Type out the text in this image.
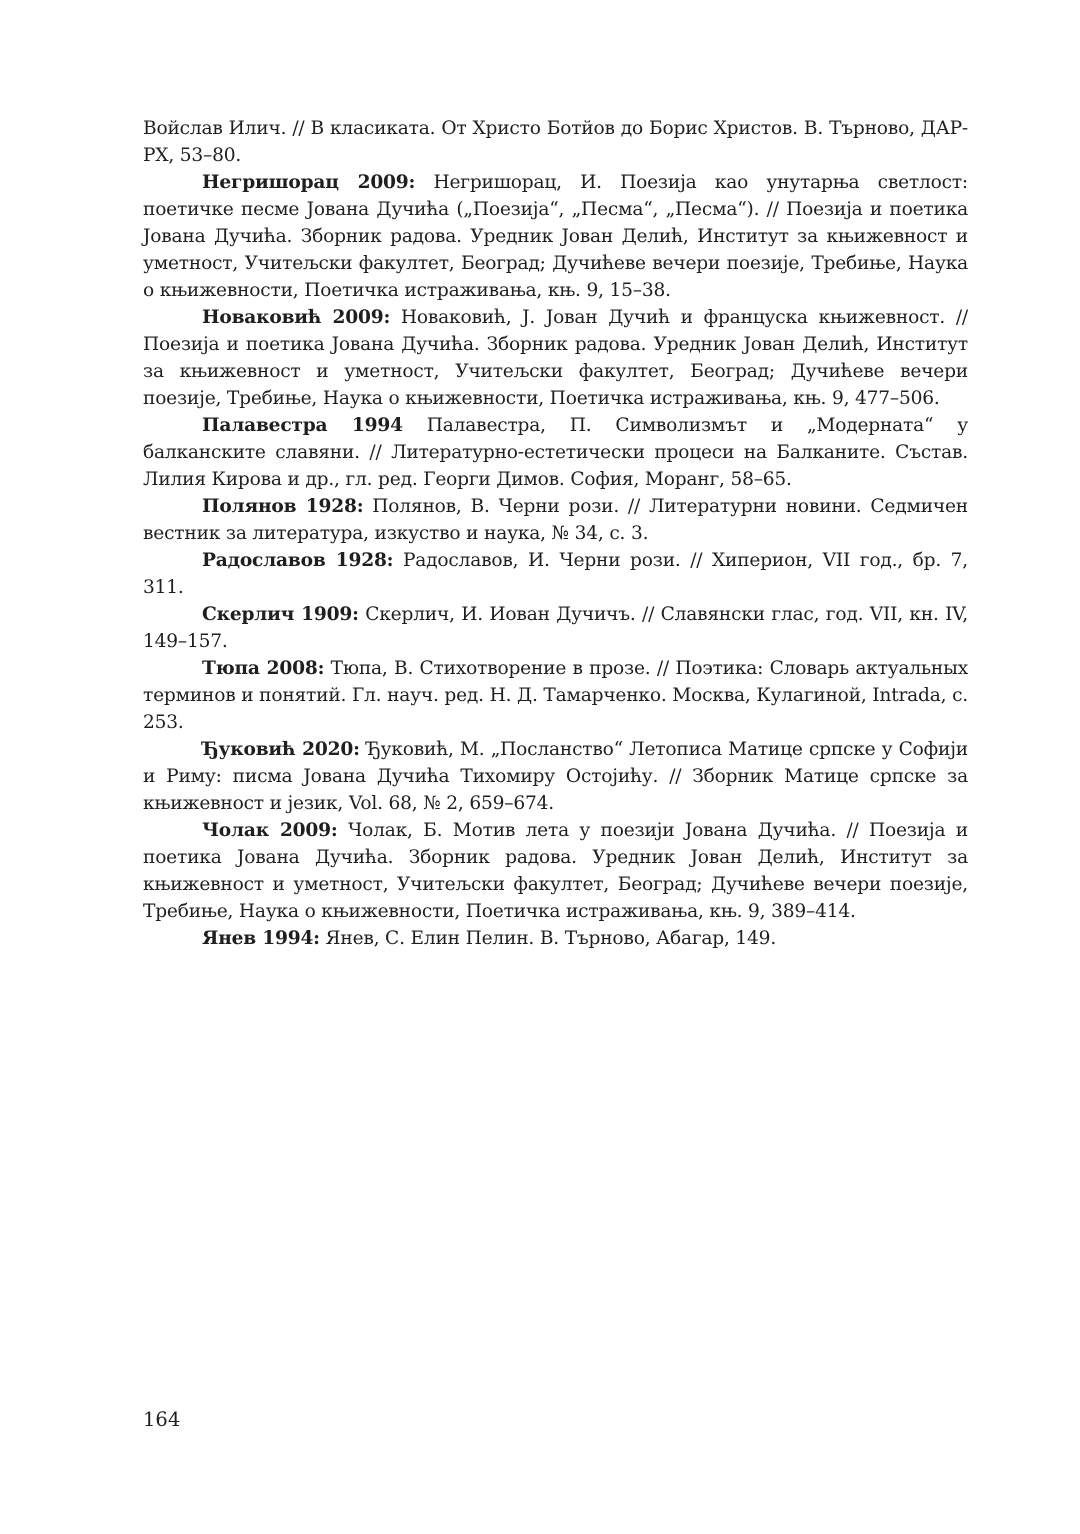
Войслав Илич. // В класиката. От Христо Ботйов до Борис Христов. В. Търново, ДАР-РХ, 53–80.

Негришорац 2009: Негришорац, И. Поезија као унутарња светлост: поетичке песме Јована Дучића („Поезија“, „Песма“, „Песма“). // Поезија и поетика Јована Дучића. Зборник радова. Уредник Јован Делић, Институт за књижевност и уметност, Учитељски факултет, Београд; Дучићеве вечери поезије, Требиње, Наука о књижевности, Поетичка истраживања, књ. 9, 15–38.

Новаковић 2009: Новаковић, Ј. Јован Дучић и француска књижевност. // Поезија и поетика Јована Дучића. Зборник радова. Уредник Јован Делић, Институт за књижевност и уметност, Учитељски факултет, Београд; Дучићеве вечери поезије, Требиње, Наука о књижевности, Поетичка истраживања, књ. 9, 477–506.

Палавестра 1994 Палавестра, П. Символизмът и „Модерната“ у балканските славяни. // Литературно-естетически процеси на Балканите. Състав. Лилия Кирова и др., гл. ред. Георги Димов. София, Моранг, 58–65.

Полянов 1928: Полянов, В. Черни рози. // Литературни новини. Седмичен вестник за литература, изкуство и наука, № 34, с. 3.

Радославов 1928: Радославов, И. Черни рози. // Хиперион, VII год., бр. 7, 311.

Скерлич 1909: Скерлич, И. Иован Дучичъ. // Славянски глас, год. VII, кн. IV, 149–157.

Тюпа 2008: Тюпа, В. Стихотворение в прозе. // Поэтика: Словарь актуальных терминов и понятий. Гл. науч. ред. Н. Д. Тамарченко. Москва, Кулагиной, Intrada, с. 253.

Ђуковић 2020: Ђуковић, М. „Посланство“ Летописа Матице српске у Софији и Риму: писма Јована Дучића Тихомиру Остојићу. // Зборник Матице српске за књижевност и језик, Vol. 68, № 2, 659–674.

Чолак 2009: Чолак, Б. Мотив лета у поезији Јована Дучића. // Поезија и поетика Јована Дучића. Зборник радова. Уредник Јован Делић, Институт за књижевност и уметност, Учитељски факултет, Београд; Дучићеве вечери поезије, Требиње, Наука о књижевности, Поетичка истраживања, књ. 9, 389–414.

Янев 1994: Янев, С. Елин Пелин. В. Търново, Абагар, 149.

164
